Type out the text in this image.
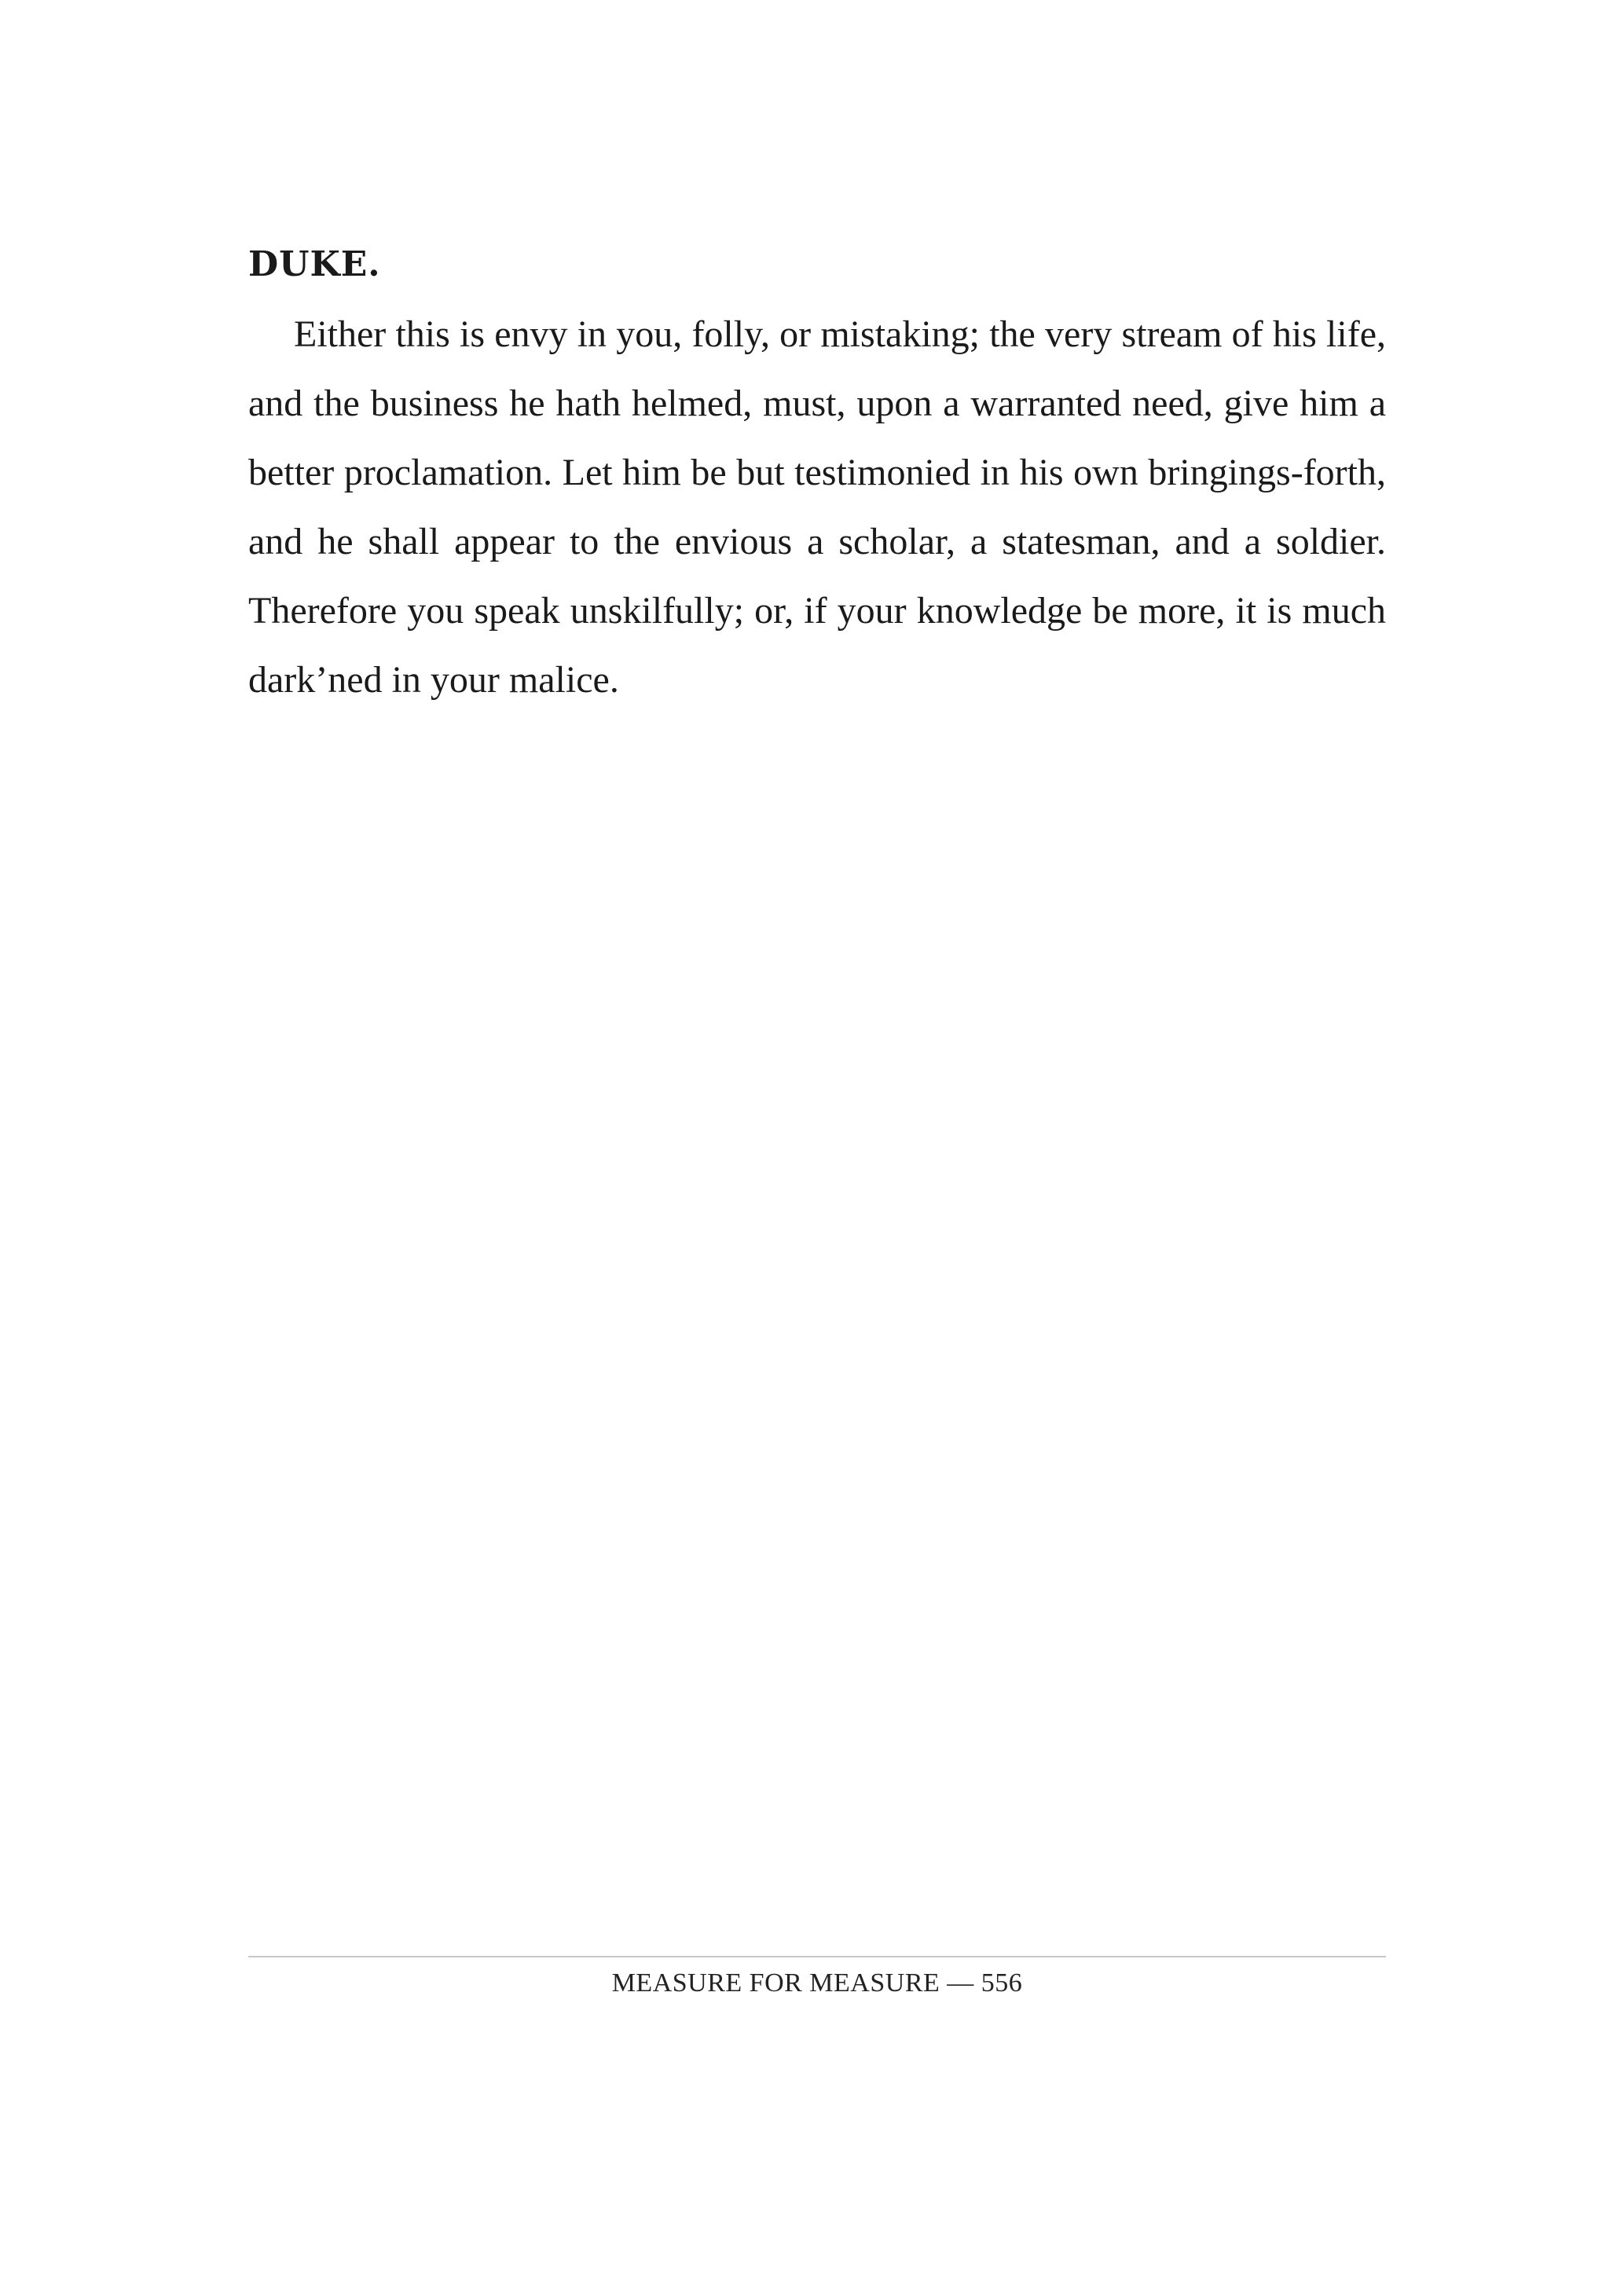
DUKE.

Either this is envy in you, folly, or mistaking; the very stream of his life, and the business he hath helmed, must, upon a warranted need, give him a better proclamation. Let him be but testimonied in his own bringings-forth, and he shall appear to the envious a scholar, a statesman, and a soldier. Therefore you speak unskilfully; or, if your knowledge be more, it is much dark’ned in your malice.

MEASURE FOR MEASURE — 556
